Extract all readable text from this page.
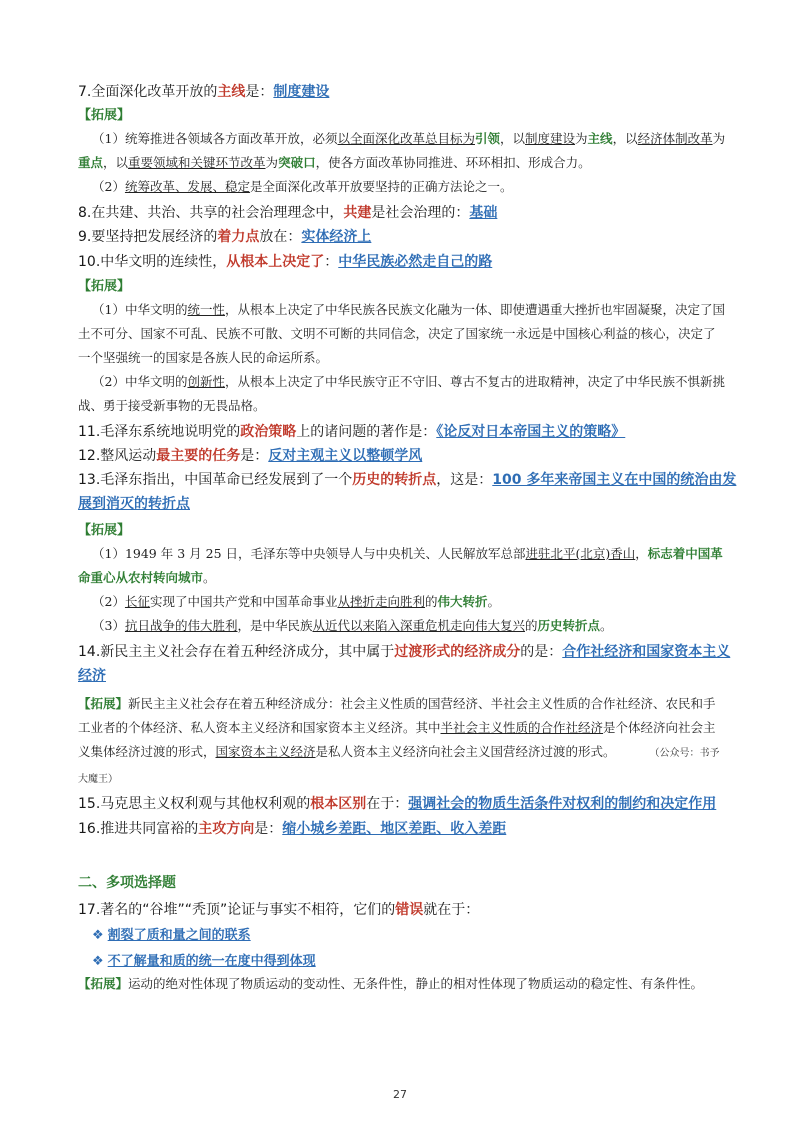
7.全面深化改革开放的主线是：制度建设
【拓展】
（1）统筹推进各领域各方面改革开放，必须以全面深化改革总目标为引领，以制度建设为主线，以经济体制改革为重点，以重要领域和关键环节改革为突破口，使各方面改革协同推进、环环相扣、形成合力。
（2）统筹改革、发展、稳定是全面深化改革开放要坚持的正确方法论之一。
8.在共建、共治、共享的社会治理理念中，共建是社会治理的：基础
9.要坚持把发展经济的着力点放在：实体经济上
10.中华文明的连续性，从根本上决定了：中华民族必然走自己的路
【拓展】
（1）中华文明的统一性，从根本上决定了中华民族各民族文化融为一体、即使遭遇重大挫折也牢固凝聚，决定了国土不可分、国家不可乱、民族不可散、文明不可断的共同信念，决定了国家统一永远是中国核心利益的核心，决定了一个坚强统一的国家是各族人民的命运所系。
（2）中华文明的创新性，从根本上决定了中华民族守正不守旧、尊古不复古的进取精神，决定了中华民族不惧新挑战、勇于接受新事物的无畏品格。
11.毛泽东系统地说明党的政治策略上的诸问题的著作是：《论反对日本帝国主义的策略》
12.整风运动最主要的任务是：反对主观主义以整顿学风
13.毛泽东指出，中国革命已经发展到了一个历史的转折点，这是：100 多年来帝国主义在中国的统治由发展到消灭的转折点
【拓展】
（1）1949 年 3 月 25 日，毛泽东等中央领导人与中央机关、人民解放军总部进驻北平(北京)香山，标志着中国革命重心从农村转向城市。
（2）长征实现了中国共产党和中国革命事业从挫折走向胜利的伟大转折。
（3）抗日战争的伟大胜利，是中华民族从近代以来陷入深重危机走向伟大复兴的历史转折点。
14.新民主主义社会存在着五种经济成分，其中属于过渡形式的经济成分的是：合作社经济和国家资本主义经济
【拓展】新民主主义社会存在着五种经济成分：社会主义性质的国营经济、半社会主义性质的合作社经济、农民和手工业者的个体经济、私人资本主义经济和国家资本主义经济。其中半社会主义性质的合作社经济是个体经济向社会主义集体经济过渡的形式，国家资本主义经济是私人资本主义经济向社会主义国营经济过渡的形式。	（公众号：书予大魔王）
15.马克思主义权利观与其他权利观的根本区别在于：强调社会的物质生活条件对权利的制约和决定作用
16.推进共同富裕的主攻方向是：缩小城乡差距、地区差距、收入差距
二、多项选择题
17.著名的“谷堆”“秃顶”论证与事实不相符，它们的错误就在于：
❖ 割裂了质和量之间的联系
❖ 不了解量和质的统一在度中得到体现
【拓展】运动的绝对性体现了物质运动的变动性、无条件性，静止的相对性体现了物质运动的稳定性、有条件性。
27
